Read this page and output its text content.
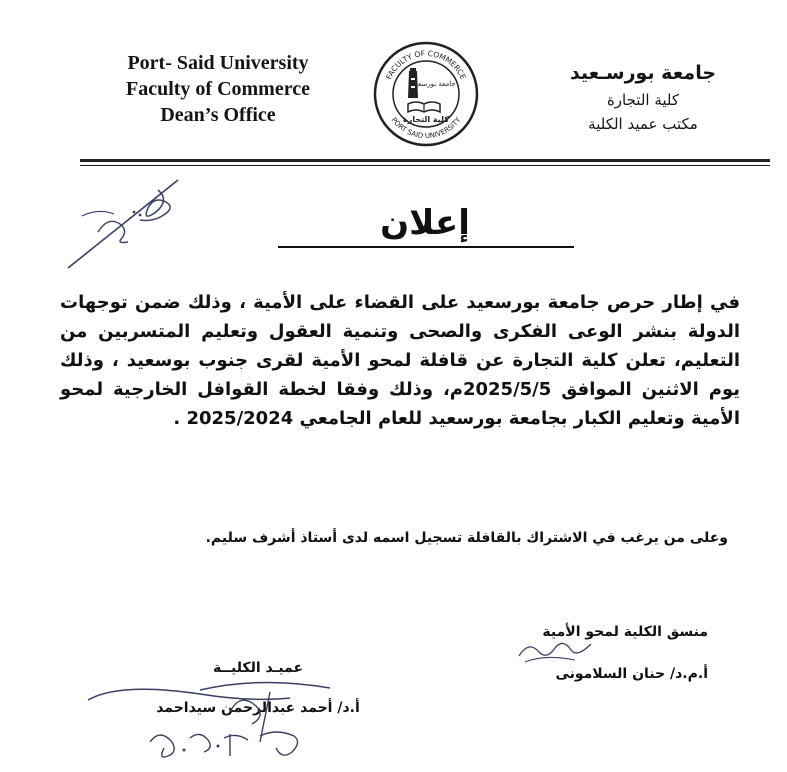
Port- Said University
Faculty of Commerce
Dean’s Office
FACULTY OF COMMERCE
PORT SAID UNIVERSITY
جامعة بورسعيد
كلية التجارة
جامعة بورسـعيد
كلية التجارة
مكتب عميد الكلية
إعلان
في إطار حرص جامعة بورسعيد على القضاء على الأمية ، وذلك ضمن توجهات الدولة بنشر الوعى الفكرى والصحى وتنمية العقول وتعليم المتسربين من التعليم، تعلن كلية التجارة عن قافلة لمحو الأمية لقرى جنوب بوسعيد ، وذلك يوم الاثنين الموافق 2025/5/5م، وذلك وفقا لخطة القوافل الخارجية لمحو الأمية وتعليم الكبار بجامعة بورسعيد للعام الجامعي 2025/2024 .
وعلى من يرغب في الاشتراك بالقافلة تسجيل اسمه لدى أستاذ أشرف سليم.
منسق الكلية لمحو الأمية
أ.م.د/ حنان السلامونى
عميـد الكليــة
أ.د/ أحمد عبدالرحمن سيداحمد
